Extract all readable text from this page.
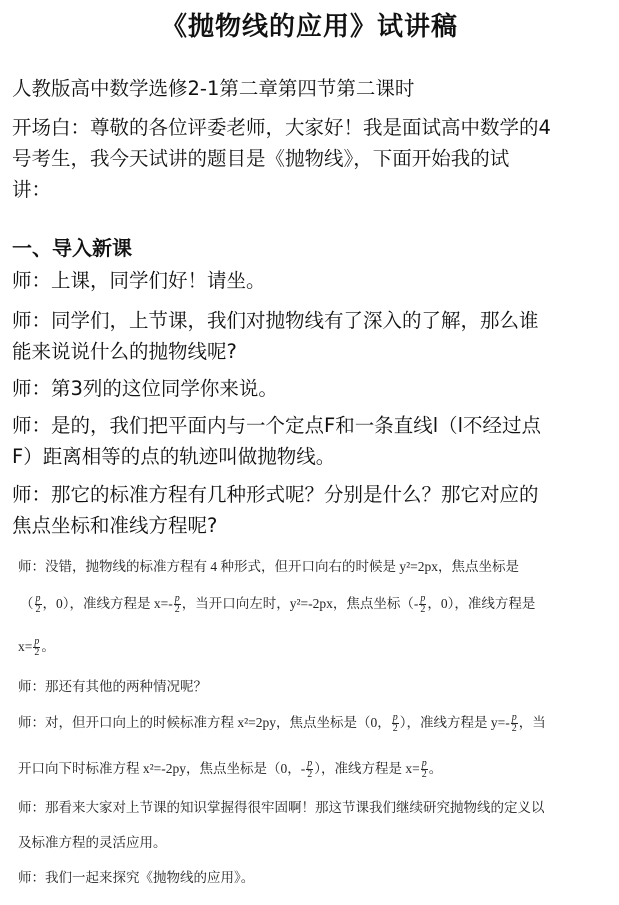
《抛物线的应用》试讲稿
人教版高中数学选修2-1第二章第四节第二课时
开场白：尊敬的各位评委老师，大家好！我是面试高中数学的4
号考生，我今天试讲的题目是《抛物线》，下面开始我的试
讲：
一、导入新课
师：上课，同学们好！请坐。
师：同学们，上节课，我们对抛物线有了深入的了解，那么谁
能来说说什么的抛物线呢?
师：第3列的这位同学你来说。
师：是的，我们把平面内与一个定点F和一条直线l（l不经过点
F）距离相等的点的轨迹叫做抛物线。
师：那它的标准方程有几种形式呢？分别是什么？那它对应的
焦点坐标和准线方程呢?
师：没错，抛物线的标准方程有 4 种形式，但开口向右的时候是 y²=2px，焦点坐标是
（ $\frac{p}{2}$ ，0），准线方程是 $x=- \frac{p}{2}$ ，当开口向左时，y²=-2px，焦点坐标（- $\frac{p}{2}$ ，0），准线方程是
$x= \frac{p}{2}$ 。
师：那还有其他的两种情况呢？
师：对，但开口向上的时候标准方程 x²=2py，焦点坐标是（0， $\frac{p}{2}$ ），准线方程是 $y=- \frac{p}{2}$ ，当
开口向下时标准方程 x²=-2py，焦点坐标是（0，- $\frac{p}{2}$ ），准线方程是 $x= \frac{p}{2}$ 。
师：那看来大家对上节课的知识掌握得很牢固啊！那这节课我们继续研究抛物线的定义以
及标准方程的灵活应用。
师：我们一起来探究《抛物线的应用》。
